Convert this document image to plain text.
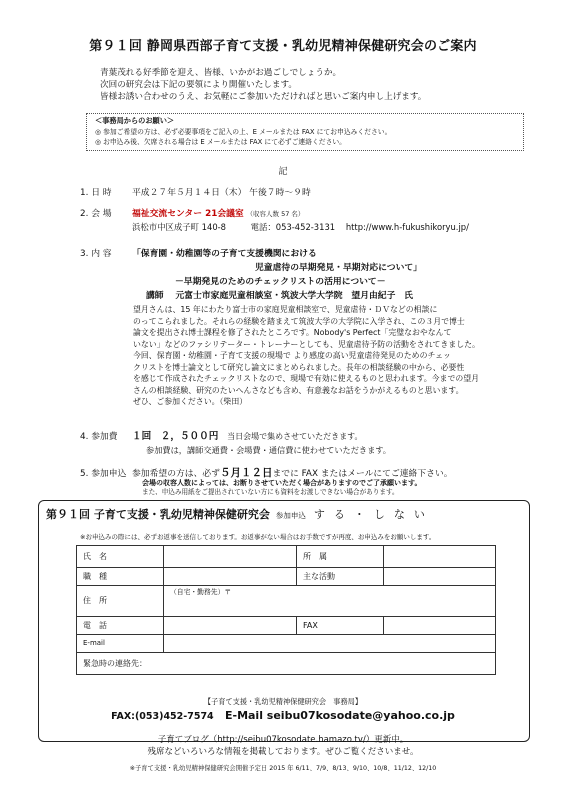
第９１回 静岡県西部子育て支援・乳幼児精神保健研究会のご案内
青葉茂れる好季節を迎え、皆様、いかがお過ごしでしょうか。
次回の研究会は下記の要領により開催いたします。
皆様お誘い合わせのうえ、お気軽にご参加いただければと思いご案内申し上げます。
＜事務局からのお願い＞
◎ 参加ご希望の方は、必ず必要事項をご記入の上、E メールまたは FAX にてお申込みください。
◎ お申込み後、欠席される場合は E メールまたは FAX にて必ずご連絡ください。
記
1. 日 時 平成２７年５月１４日（木） 午後７時～９時
2. 会 場 福祉交流センター 21会議室 （収容人数 57 名）
浜松市中区成子町 140-8	電話：053-452-3131 http://www.h-fukushikoryu.jp/
3. 内 容 「保育園・幼稚園等の子育て支援機関における
児童虐待の早期発見・早期対応について」
－早期発見のためのチェックリストの活用について－
講師　 元富士市家庭児童相談室・筑波大学大学院　望月由紀子　氏
望月さんは、15 年にわたり富士市の家庭児童相談室で、児童虐待・ＤＶなどの相談に
のってこられました。それらの経験を踏まえて筑波大学の大学院に入学され、この３月で博士
論文を提出され博士課程を修了されたところです。Nobody's Perfect「完璧なおやなんて
いない」などのファシリテーター・トレーナーとしても、児童虐待予防の活動をされてきました。
今回、保育園・幼稚園・子育て支援の現場で より感度の高い児童虐待発見のためのチェッ
クリストを博士論文として研究し論文にまとめられました。長年の相談経験の中から、必要性
を感じて作成されたチェックリストなので、現場で有効に使えるものと思われます。今までの望月
さんの相談経験、研究のたいへんさなども含め、有意義なお話をうかがえるものと思います。
ぜひ、ご参加ください。（柴田）
4. 参加費 １回　２，５００円 当日会場で集めさせていただきます。
参加費は，講師交通費・会場費・通信費に使わせていただきます。
5. 参加申込 参加希望の方は、必ず５月１２日までに FAX またはメールにてご連絡下さい。
会場の収容人数によっては、お断りさせていただく場合がありますのでご了承願います。
また、申込み用紙をご提出されていない方にも資料をお渡しできない場合があります。
第９１回 子育て支援・乳幼児精神保健研究会 参加申込 する・しない
※お申込みの際には、必ずお返事を送信しております。お返事がない場合はお手数ですが再度、お申込みをお願いします。
氏　名		所　属	
職　種		主な活動	
住　所	（自宅・勤務先）〒		
電　話		FAX	
E-mail			
緊急時の連絡先：			
【子育て支援・乳幼児精神保健研究会　事務局】
FAX:(053)452-7574 E-Mail seibu07kosodate@yahoo.co.jp
子育てブログ（http://seibu07kosodate.hamazo.tv/）更新中。
残席などいろいろな情報を掲載しております。ぜひご覧くださいませ。
※子育て支援・乳幼児精神保健研究会開催予定日 2015 年 6/11、7/9、8/13、9/10、10/8、11/12、12/10
